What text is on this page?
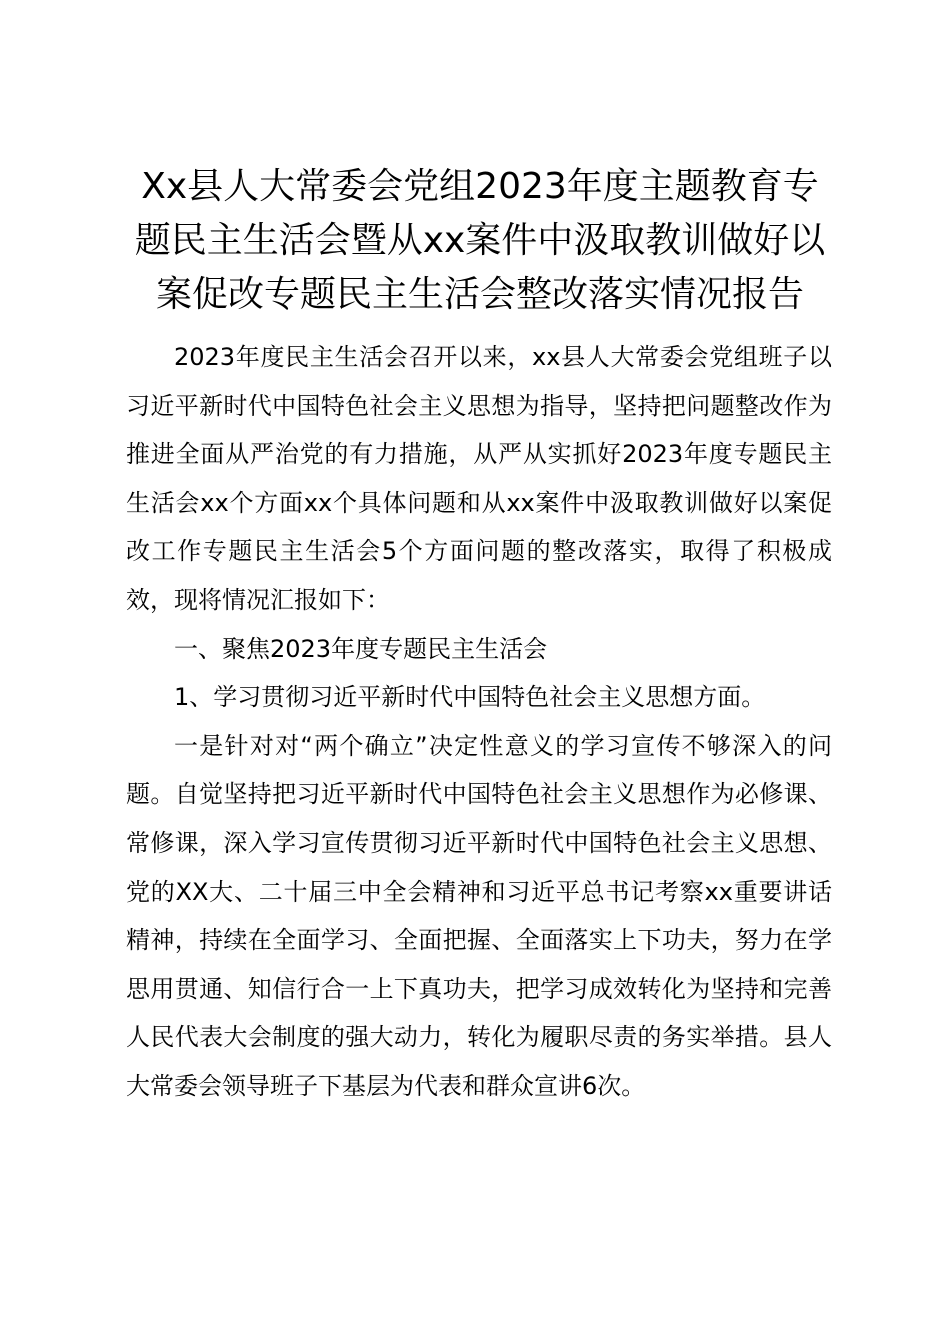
Xx县人大常委会党组2023年度主题教育专题民主生活会暨从xx案件中汲取教训做好以案促改专题民主生活会整改落实情况报告

2023年度民主生活会召开以来，xx县人大常委会党组班子以习近平新时代中国特色社会主义思想为指导，坚持把问题整改作为推进全面从严治党的有力措施，从严从实抓好2023年度专题民主生活会xx个方面xx个具体问题和从xx案件中汲取教训做好以案促改工作专题民主生活会5个方面问题的整改落实，取得了积极成效，现将情况汇报如下：

一、聚焦2023年度专题民主生活会

1、学习贯彻习近平新时代中国特色社会主义思想方面。

一是针对对“两个确立”决定性意义的学习宣传不够深入的问题。自觉坚持把习近平新时代中国特色社会主义思想作为必修课、常修课，深入学习宣传贯彻习近平新时代中国特色社会主义思想、党的XX大、二十届三中全会精神和习近平总书记考察xx重要讲话精神，持续在全面学习、全面把握、全面落实上下功夫，努力在学思用贯通、知信行合一上下真功夫，把学习成效转化为坚持和完善人民代表大会制度的强大动力，转化为履职尽责的务实举措。县人大常委会领导班子下基层为代表和群众宣讲6次。
